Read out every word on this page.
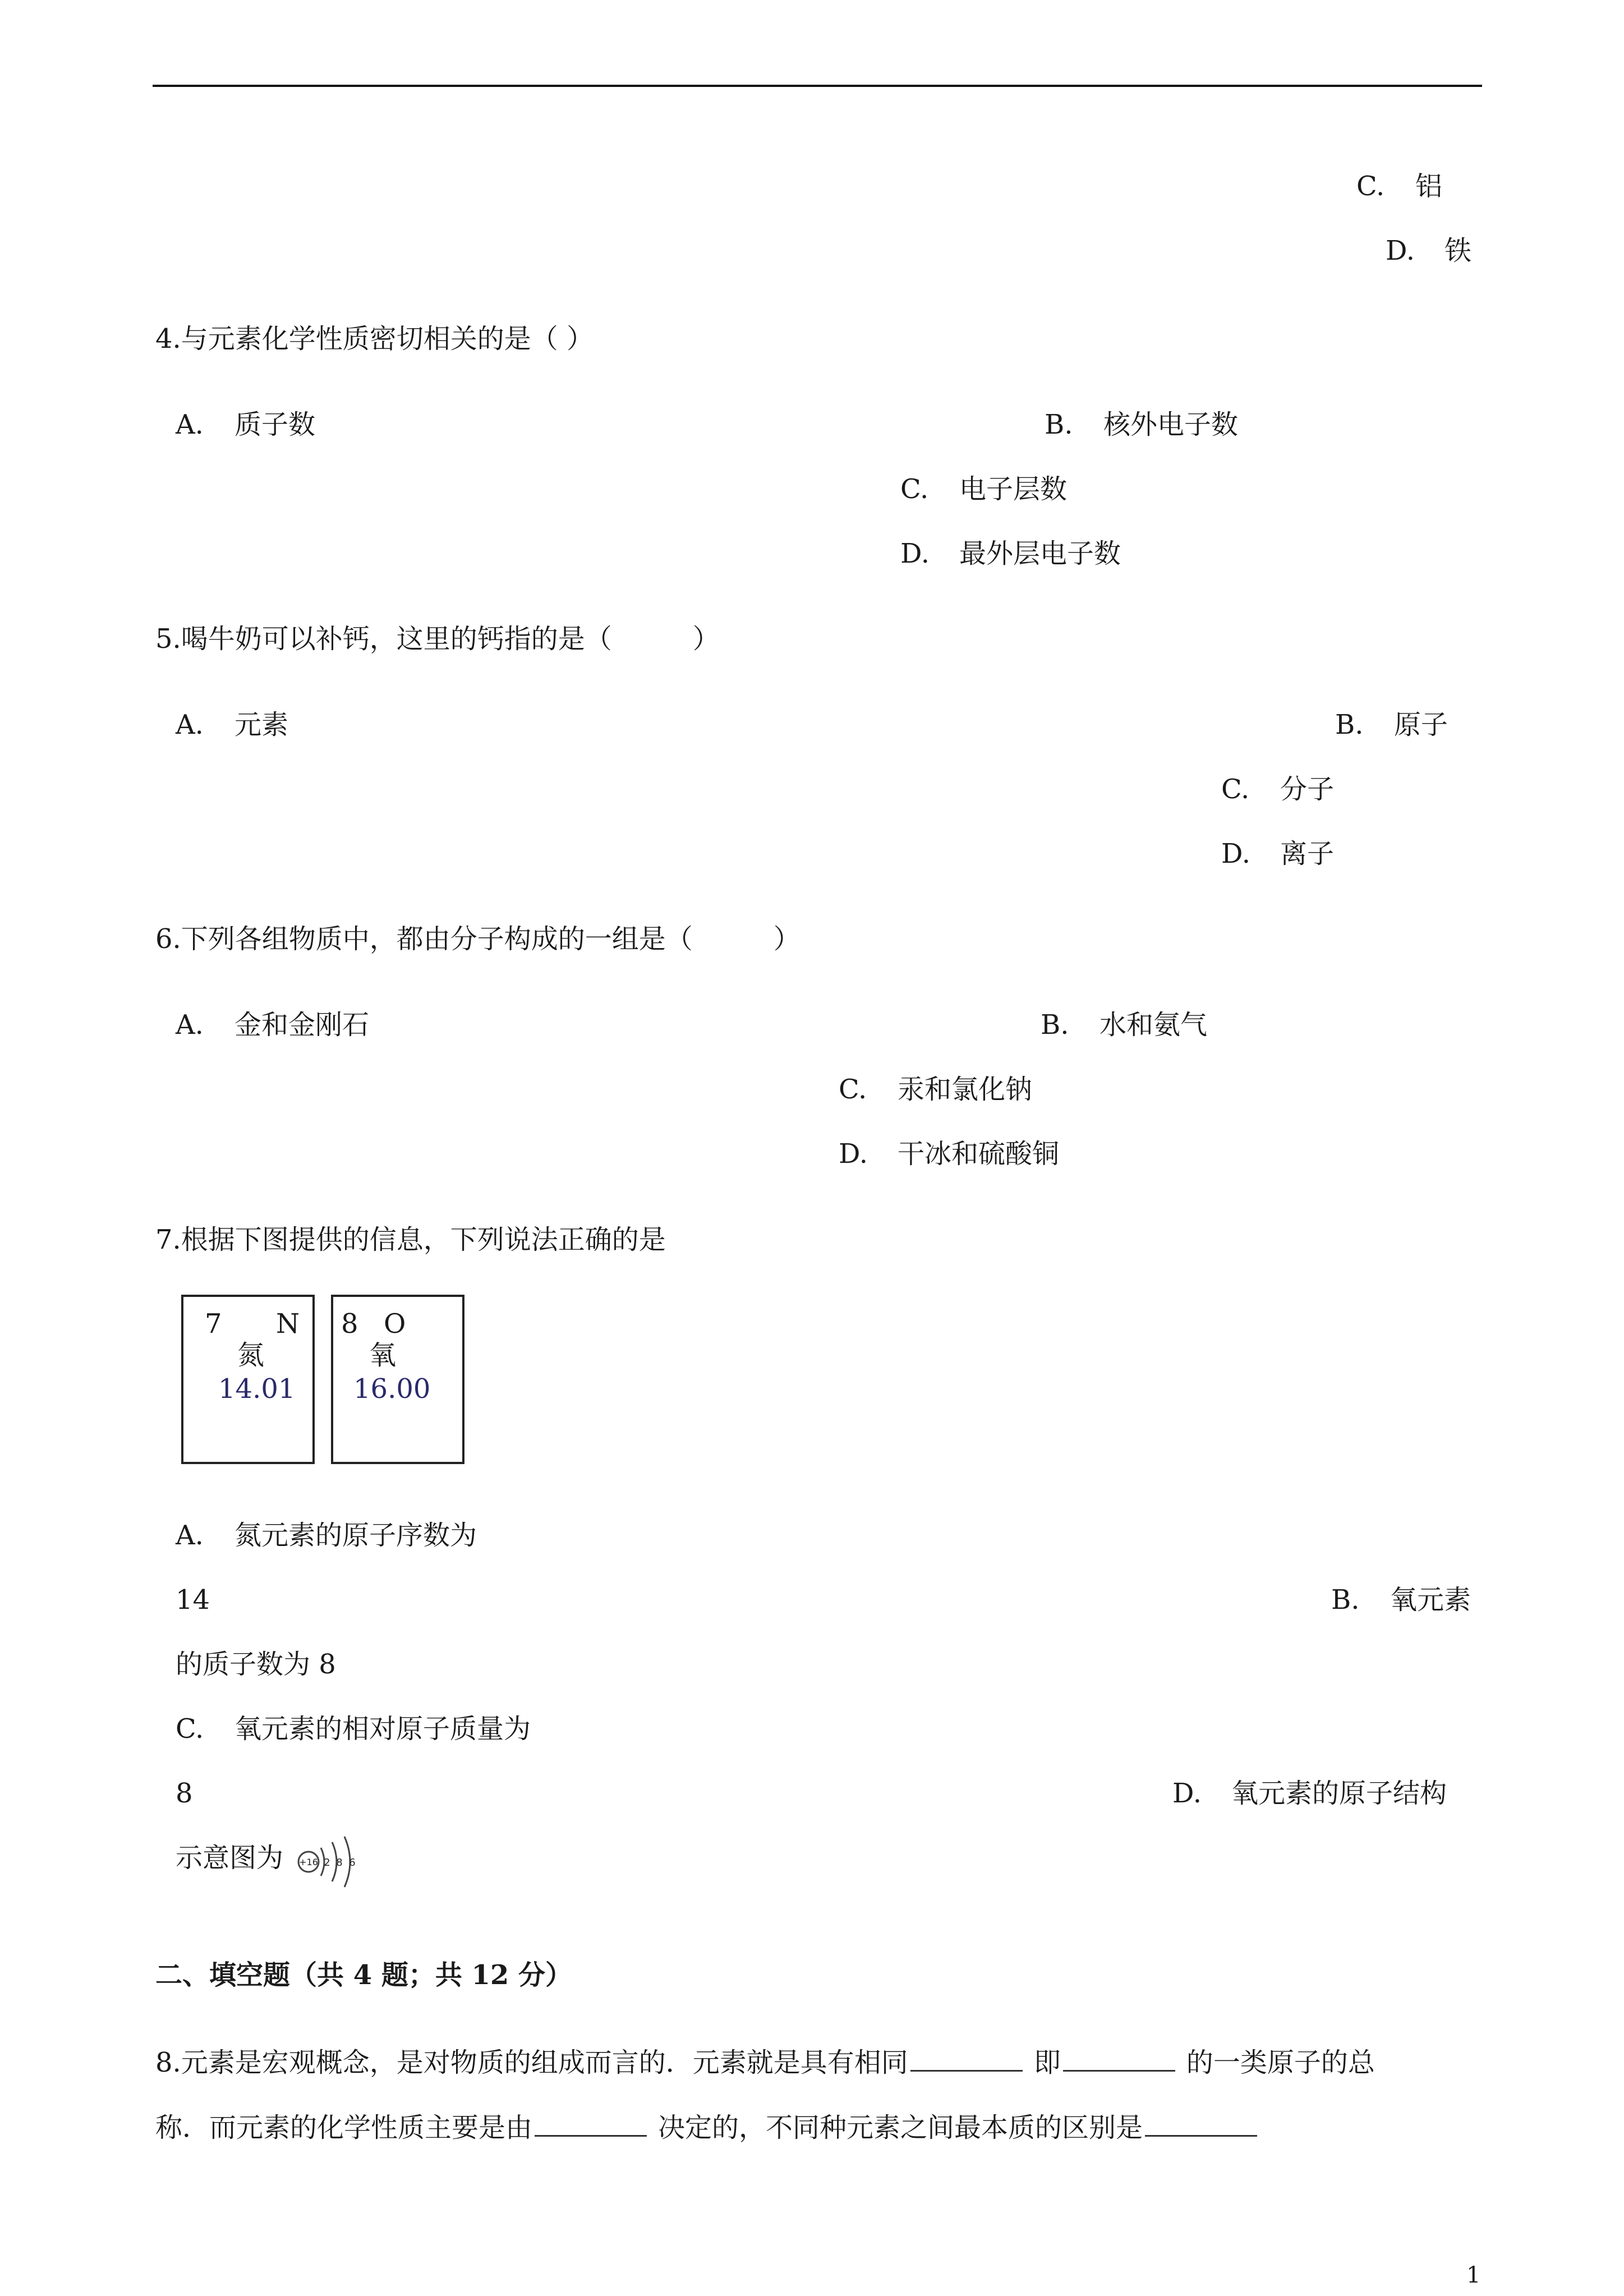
C. 铝
D. 铁
4.与元素化学性质密切相关的是（ ）
A. 质子数	B. 核外电子数
C. 电子层数
D. 最外层电子数
5.喝牛奶可以补钙，这里的钙指的是（　　　）
A. 元素	B. 原子
C. 分子
D. 离子
6.下列各组物质中，都由分子构成的一组是（　　　）
A. 金和金刚石	B. 水和氨气
C. 汞和氯化钠
D. 干冰和硫酸铜
7.根据下图提供的信息，下列说法正确的是
7 N
氮
14.01
8 O
氧
16.00
A. 氮元素的原子序数为
14	B. 氧元素
的质子数为 8
C. 氧元素的相对原子质量为
8	D. 氧元素的原子结构
示意图为 +16 2 8 6
二、填空题（共 4 题；共 12 分）
8.元素是宏观概念，是对物质的组成而言的．元素就是具有相同	即	的一类原子的总
称．而元素的化学性质主要是由	决定的，不同种元素之间最本质的区别是
1
